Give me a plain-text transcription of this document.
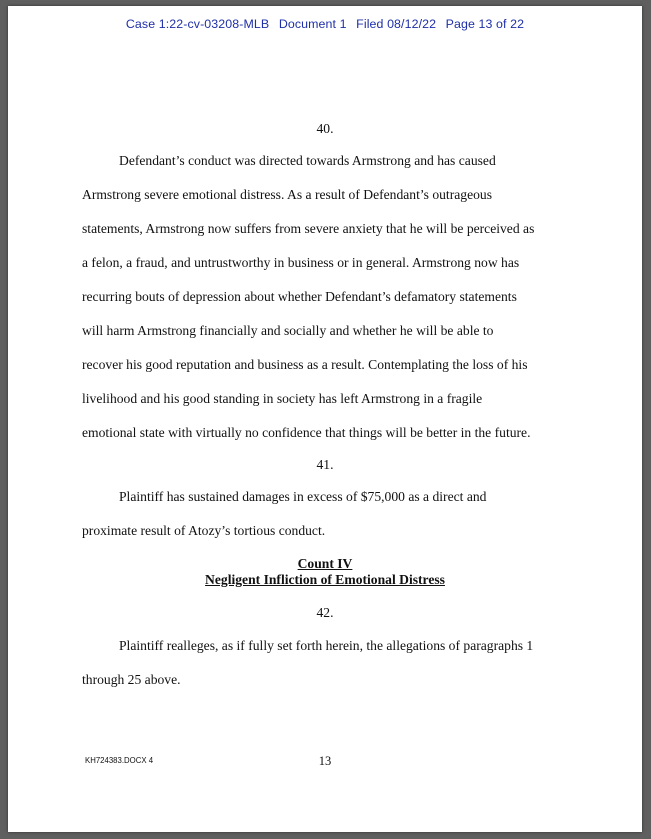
Case 1:22-cv-03208-MLB Document 1 Filed 08/12/22 Page 13 of 22
40.
Defendant’s conduct was directed towards Armstrong and has caused
Armstrong severe emotional distress. As a result of Defendant’s outrageous
statements, Armstrong now suffers from severe anxiety that he will be perceived as
a felon, a fraud, and untrustworthy in business or in general. Armstrong now has
recurring bouts of depression about whether Defendant’s defamatory statements
will harm Armstrong financially and socially and whether he will be able to
recover his good reputation and business as a result. Contemplating the loss of his
livelihood and his good standing in society has left Armstrong in a fragile
emotional state with virtually no confidence that things will be better in the future.
41.
Plaintiff has sustained damages in excess of $75,000 as a direct and
proximate result of Atozy’s tortious conduct.
Count IV
Negligent Infliction of Emotional Distress
42.
Plaintiff realleges, as if fully set forth herein, the allegations of paragraphs 1
through 25 above.
KH724383.DOCX 4	13
